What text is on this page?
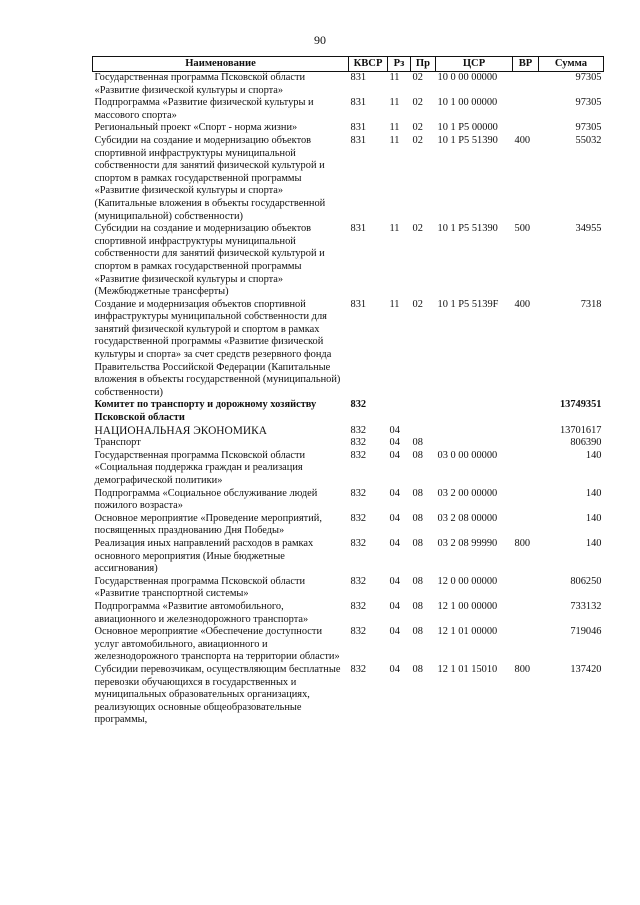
90
Наименование	КВСР	Рз	Пр	ЦСР	ВР	Сумма
Государственная программа Псковской области «Развитие физической культуры и спорта»	831	11	02	10 0 00 00000		97305
Подпрограмма «Развитие физической культуры и массового спорта»	831	11	02	10 1 00 00000		97305
Региональный проект «Спорт - норма жизни»	831	11	02	10 1 Р5 00000		97305
Субсидии на создание и модернизацию объектов спортивной инфраструктуры муниципальной собственности для занятий физической культурой и спортом в рамках государственной программы «Развитие физической культуры и спорта» (Капитальные вложения в объекты государственной (муниципальной) собственности)	831	11	02	10 1 Р5 51390	400	55032
Субсидии на создание и модернизацию объектов спортивной инфраструктуры муниципальной собственности для занятий физической культурой и спортом в рамках государственной программы «Развитие физической культуры и спорта» (Межбюджетные трансферты)	831	11	02	10 1 Р5 51390	500	34955
Создание и модернизация объектов спортивной инфраструктуры муниципальной собственности для занятий физической культурой и спортом в рамках государственной программы «Развитие физической культуры и спорта» за счет средств резервного фонда Правительства Российской Федерации (Капитальные вложения в объекты государственной (муниципальной) собственности)	831	11	02	10 1 Р5 5139F	400	7318
Комитет по транспорту и дорожному хозяйству Псковской области	832					13749351
НАЦИОНАЛЬНАЯ ЭКОНОМИКА	832	04				13701617
Транспорт	832	04	08			806390
Государственная программа Псковской области «Социальная поддержка граждан и реализация демографической политики»	832	04	08	03 0 00 00000		140
Подпрограмма «Социальное обслуживание людей пожилого возраста»	832	04	08	03 2 00 00000		140
Основное мероприятие «Проведение мероприятий, посвященных празднованию Дня Победы»	832	04	08	03 2 08 00000		140
Реализация иных направлений расходов в рамках основного мероприятия (Иные бюджетные ассигнования)	832	04	08	03 2 08 99990	800	140
Государственная программа Псковской области «Развитие транспортной системы»	832	04	08	12 0 00 00000		806250
Подпрограмма «Развитие автомобильного, авиационного и железнодорожного транспорта»	832	04	08	12 1 00 00000		733132
Основное мероприятие «Обеспечение доступности услуг автомобильного, авиационного и железнодорожного транспорта на территории области»	832	04	08	12 1 01 00000		719046
Субсидии перевозчикам, осуществляющим бесплатные перевозки обучающихся в государственных и муниципальных образовательных организациях, реализующих основные общеобразовательные программы,	832	04	08	12 1 01 15010	800	137420
